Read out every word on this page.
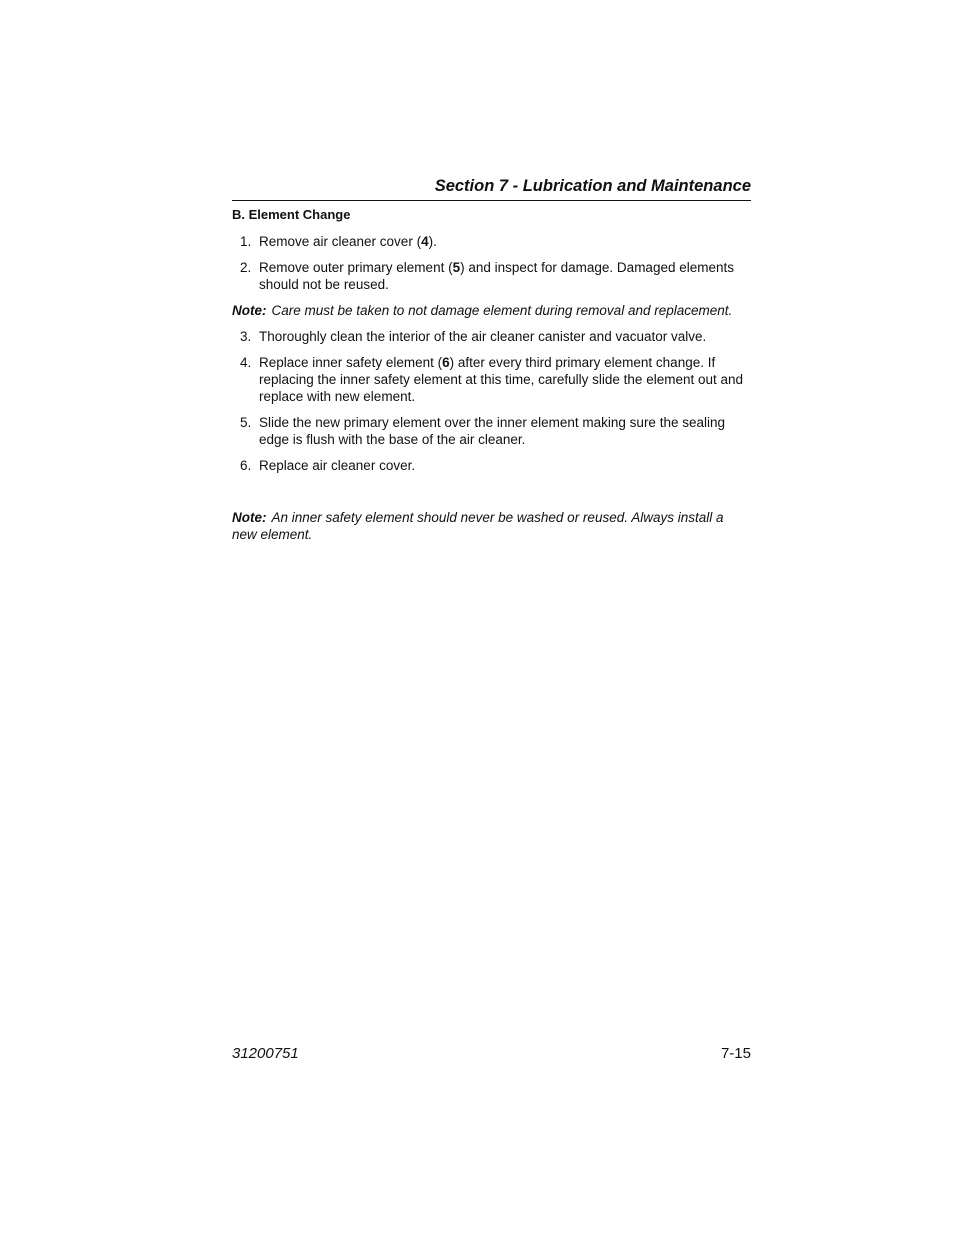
Section 7 - Lubrication and Maintenance
B. Element Change
1. Remove air cleaner cover (4).
2. Remove outer primary element (5) and inspect for damage. Damaged elements should not be reused.
Note: Care must be taken to not damage element during removal and replacement.
3. Thoroughly clean the interior of the air cleaner canister and vacuator valve.
4. Replace inner safety element (6) after every third primary element change. If replacing the inner safety element at this time, carefully slide the element out and replace with new element.
5. Slide the new primary element over the inner element making sure the sealing edge is flush with the base of the air cleaner.
6. Replace air cleaner cover.
Note: An inner safety element should never be washed or reused. Always install a new element.
31200751	7-15
